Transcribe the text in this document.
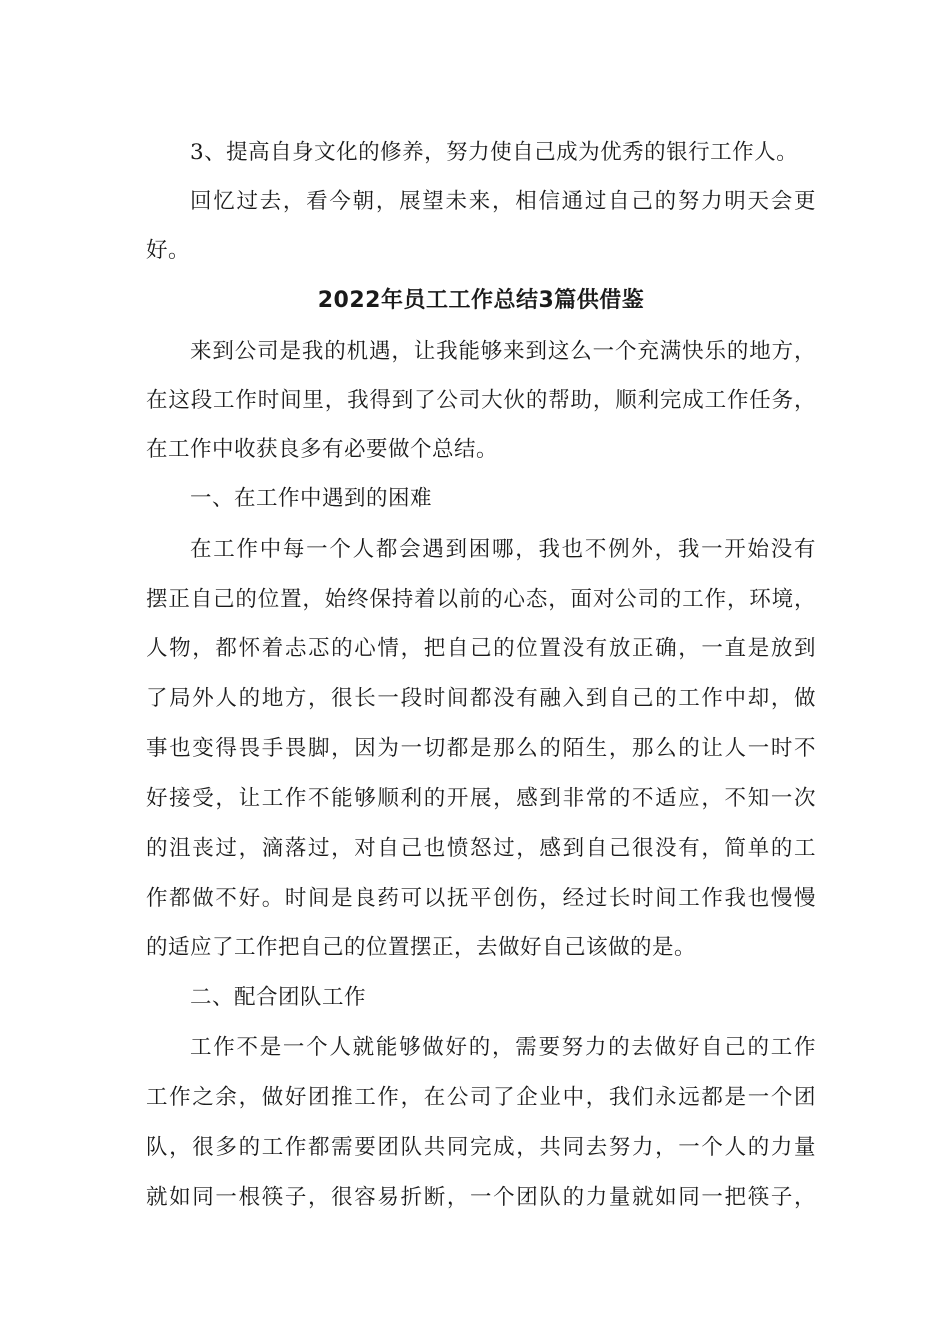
3、提高自身文化的修养，努力使自己成为优秀的银行工作人。
回忆过去，看今朝，展望未来，相信通过自己的努力明天会更
好。
2022年员工工作总结3篇供借鉴
来到公司是我的机遇，让我能够来到这么一个充满快乐的地方，
在这段工作时间里，我得到了公司大伙的帮助，顺利完成工作任务，
在工作中收获良多有必要做个总结。
一、在工作中遇到的困难
在工作中每一个人都会遇到困哪，我也不例外，我一开始没有
摆正自己的位置，始终保持着以前的心态，面对公司的工作，环境，
人物，都怀着忐忑的心情，把自己的位置没有放正确，一直是放到
了局外人的地方，很长一段时间都没有融入到自己的工作中却，做
事也变得畏手畏脚，因为一切都是那么的陌生，那么的让人一时不
好接受，让工作不能够顺利的开展，感到非常的不适应，不知一次
的沮丧过，滴落过，对自己也愤怒过，感到自己很没有，简单的工
作都做不好。时间是良药可以抚平创伤，经过长时间工作我也慢慢
的适应了工作把自己的位置摆正，去做好自己该做的是。
二、配合团队工作
工作不是一个人就能够做好的，需要努力的去做好自己的工作
工作之余，做好团推工作，在公司了企业中，我们永远都是一个团
队，很多的工作都需要团队共同完成，共同去努力，一个人的力量
就如同一根筷子，很容易折断，一个团队的力量就如同一把筷子，
